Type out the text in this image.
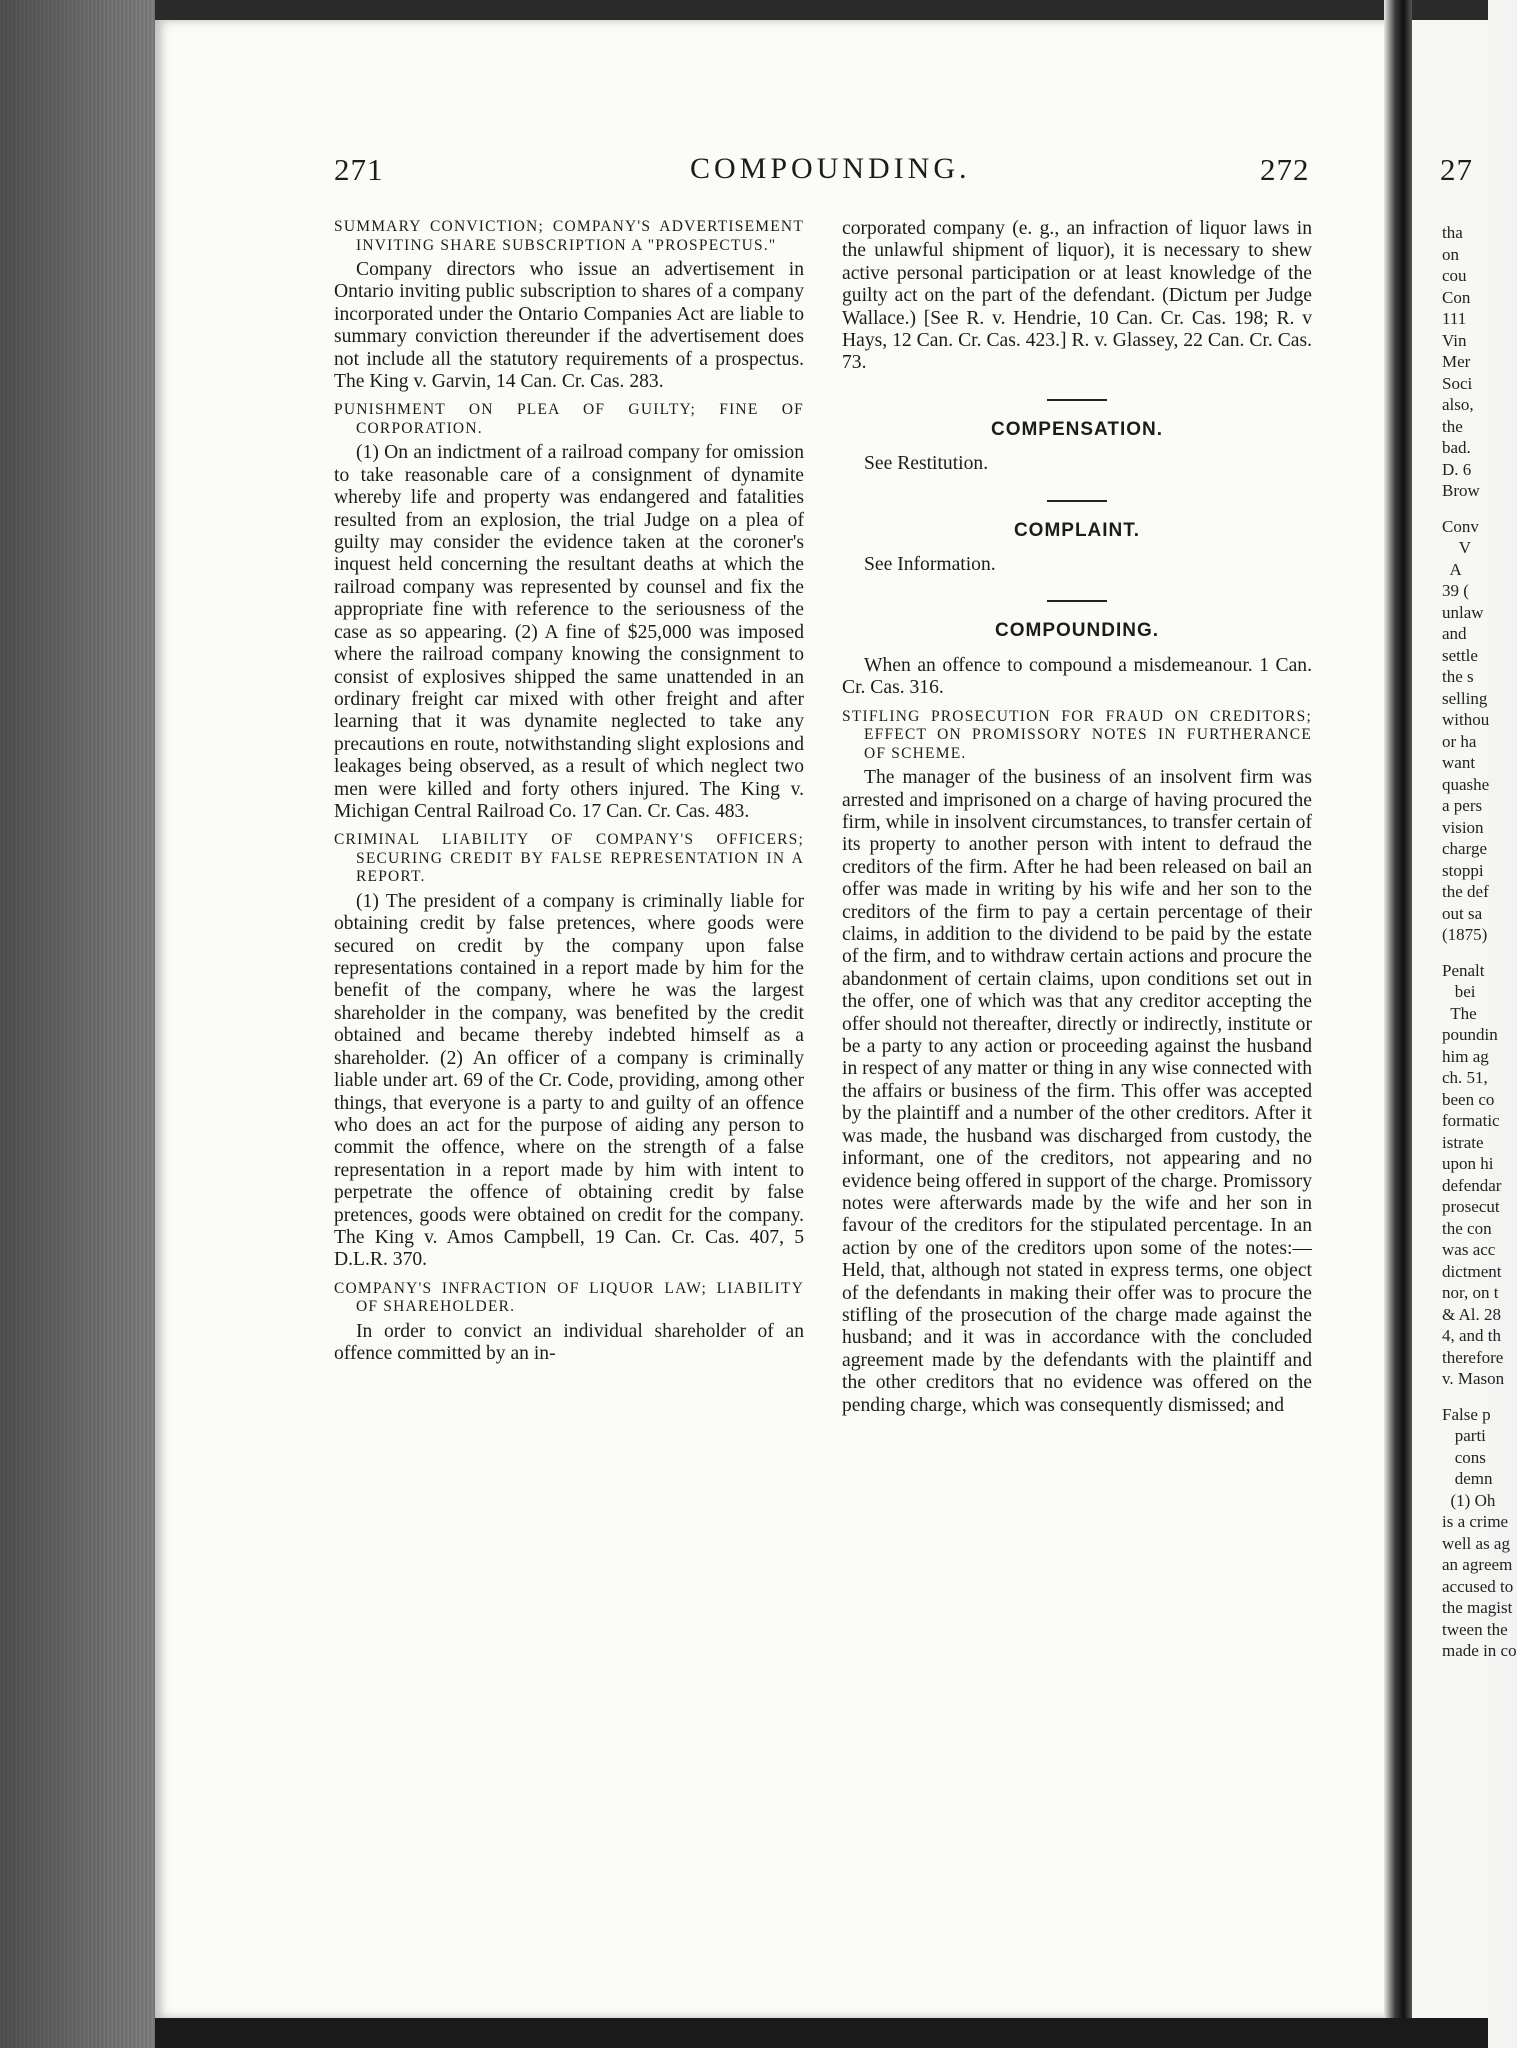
271	COMPOUNDING.	272	27
SUMMARY CONVICTION; COMPANY'S ADVERTISEMENT INVITING SHARE SUBSCRIPTION A "PROSPECTUS."

Company directors who issue an advertisement in Ontario inviting public subscription to shares of a company incorporated under the Ontario Companies Act are liable to summary conviction thereunder if the advertisement does not include all the statutory requirements of a prospectus. The King v. Garvin, 14 Can. Cr. Cas. 283.

PUNISHMENT ON PLEA OF GUILTY; FINE OF CORPORATION.

(1) On an indictment of a railroad company for omission to take reasonable care of a consignment of dynamite whereby life and property was endangered and fatalities resulted from an explosion, the trial Judge on a plea of guilty may consider the evidence taken at the coroner's inquest held concerning the resultant deaths at which the railroad company was represented by counsel and fix the appropriate fine with reference to the seriousness of the case as so appearing. (2) A fine of $25,000 was imposed where the railroad company knowing the consignment to consist of explosives shipped the same unattended in an ordinary freight car mixed with other freight and after learning that it was dynamite neglected to take any precautions en route, notwithstanding slight explosions and leakages being observed, as a result of which neglect two men were killed and forty others injured. The King v. Michigan Central Railroad Co. 17 Can. Cr. Cas. 483.

CRIMINAL LIABILITY OF COMPANY'S OFFICERS; SECURING CREDIT BY FALSE REPRESENTATION IN A REPORT.

(1) The president of a company is criminally liable for obtaining credit by false pretences, where goods were secured on credit by the company upon false representations contained in a report made by him for the benefit of the company, where he was the largest shareholder in the company, was benefited by the credit obtained and became thereby indebted himself as a shareholder. (2) An officer of a company is criminally liable under art. 69 of the Cr. Code, providing, among other things, that everyone is a party to and guilty of an offence who does an act for the purpose of aiding any person to commit the offence, where on the strength of a false representation in a report made by him with intent to perpetrate the offence of obtaining credit by false pretences, goods were obtained on credit for the company. The King v. Amos Campbell, 19 Can. Cr. Cas. 407, 5 D.L.R. 370.

COMPANY'S INFRACTION OF LIQUOR LAW; LIABILITY OF SHAREHOLDER.

In order to convict an individual shareholder of an offence committed by an in-

corporated company (e. g., an infraction of liquor laws in the unlawful shipment of liquor), it is necessary to shew active personal participation or at least knowledge of the guilty act on the part of the defendant. (Dictum per Judge Wallace.) [See R. v. Hendrie, 10 Can. Cr. Cas. 198; R. v Hays, 12 Can. Cr. Cas. 423.] R. v. Glassey, 22 Can. Cr. Cas. 73.

COMPENSATION.

See Restitution.

COMPLAINT.

See Information.

COMPOUNDING.

When an offence to compound a misdemeanour. 1 Can. Cr. Cas. 316.

STIFLING PROSECUTION FOR FRAUD ON CREDITORS; EFFECT ON PROMISSORY NOTES IN FURTHERANCE OF SCHEME.

The manager of the business of an insolvent firm was arrested and imprisoned on a charge of having procured the firm, while in insolvent circumstances, to transfer certain of its property to another person with intent to defraud the creditors of the firm. After he had been released on bail an offer was made in writing by his wife and her son to the creditors of the firm to pay a certain percentage of their claims, in addition to the dividend to be paid by the estate of the firm, and to withdraw certain actions and procure the abandonment of certain claims, upon conditions set out in the offer, one of which was that any creditor accepting the offer should not thereafter, directly or indirectly, institute or be a party to any action or proceeding against the husband in respect of any matter or thing in any wise connected with the affairs or business of the firm. This offer was accepted by the plaintiff and a number of the other creditors. After it was made, the husband was discharged from custody, the informant, one of the creditors, not appearing and no evidence being offered in support of the charge. Promissory notes were afterwards made by the wife and her son in favour of the creditors for the stipulated percentage. In an action by one of the creditors upon some of the notes:—Held, that, although not stated in express terms, one object of the defendants in making their offer was to procure the stifling of the prosecution of the charge made against the husband; and it was in accordance with the concluded agreement made by the defendants with the plaintiff and the other creditors that no evidence was offered on the pending charge, which was consequently dismissed; and

tha
on
cou
Con
111
Vin
Mer
Soci
also,
the
bad.
D. 6
Brow
Conv
V
A
39 (
unlaw
and
settle
the s
selling
withou
or ha
want
quashe
a pers
vision
charge
stoppi
the def
out sa
(1875)
Penalt
bei
The
poundin
him ag
ch. 51,
been co
formatic
istrate
upon hi
defendar
prosecut
the con
was acc
dictment
nor, on t
& Al. 28
4, and th
therefore
v. Mason
False p
parti
cons
demn
(1) Oh
is a crime
well as ag
an agreem
accused to
the magist
tween the
made in co
